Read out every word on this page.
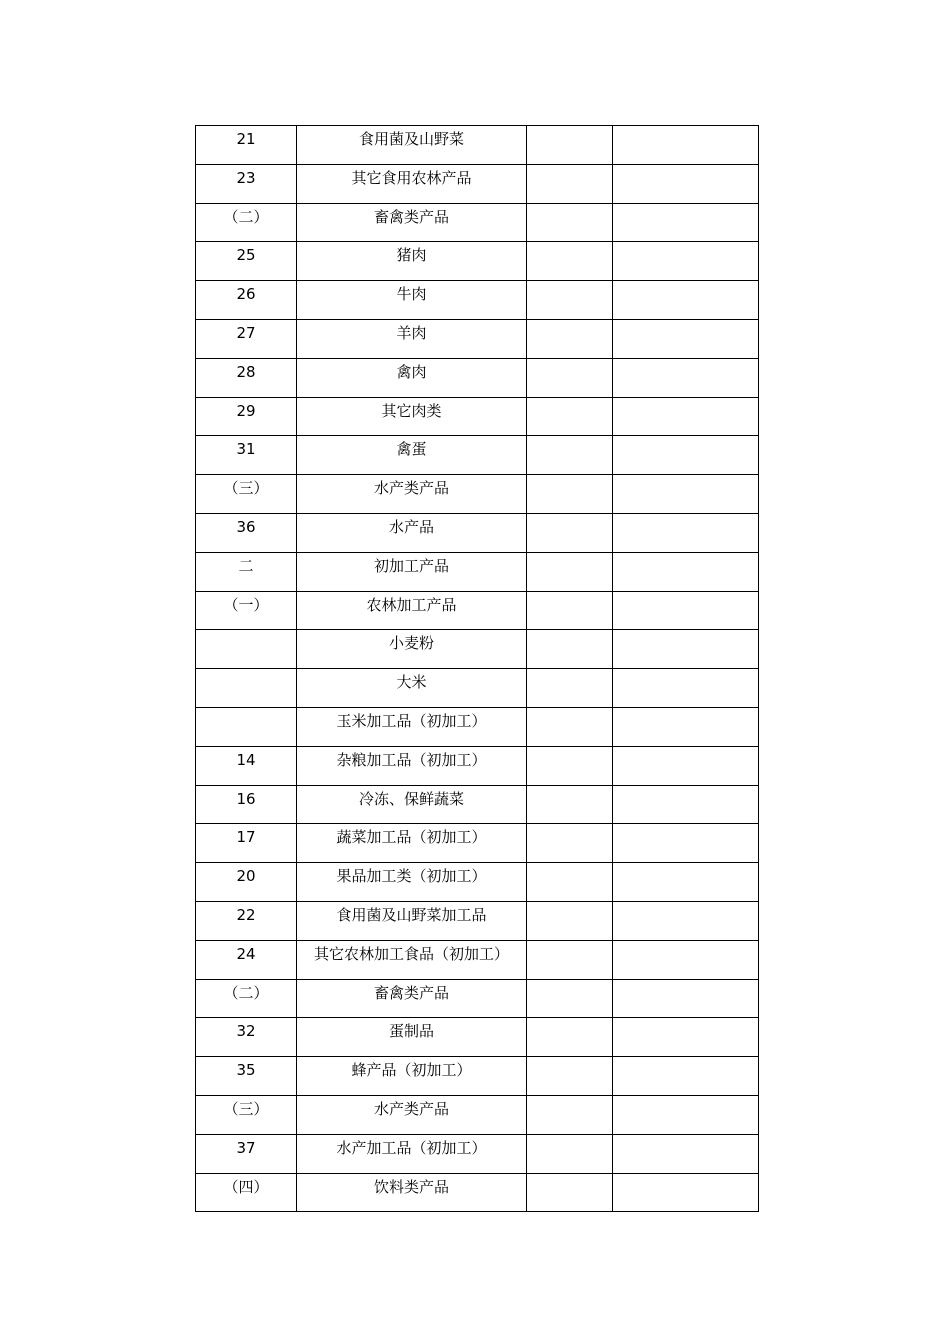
21	食用菌及山野菜		

23	其它食用农林产品		

（二）	畜禽类产品		

25	猪肉		

26	牛肉		

27	羊肉		

28	禽肉		

29	其它肉类		

31	禽蛋		

（三）	水产类产品		

36	水产品		

二	初加工产品		

（一）	农林加工产品		

	小麦粉		

	大米		

	玉米加工品（初加工）		

14	杂粮加工品（初加工）		

16	冷冻、保鲜蔬菜		

17	蔬菜加工品（初加工）		

20	果品加工类（初加工）		

22	食用菌及山野菜加工品		

24	其它农林加工食品（初加工）		

（二）	畜禽类产品		

32	蛋制品		

35	蜂产品（初加工）		

（三）	水产类产品		

37	水产加工品（初加工）		

（四）	饮料类产品		
